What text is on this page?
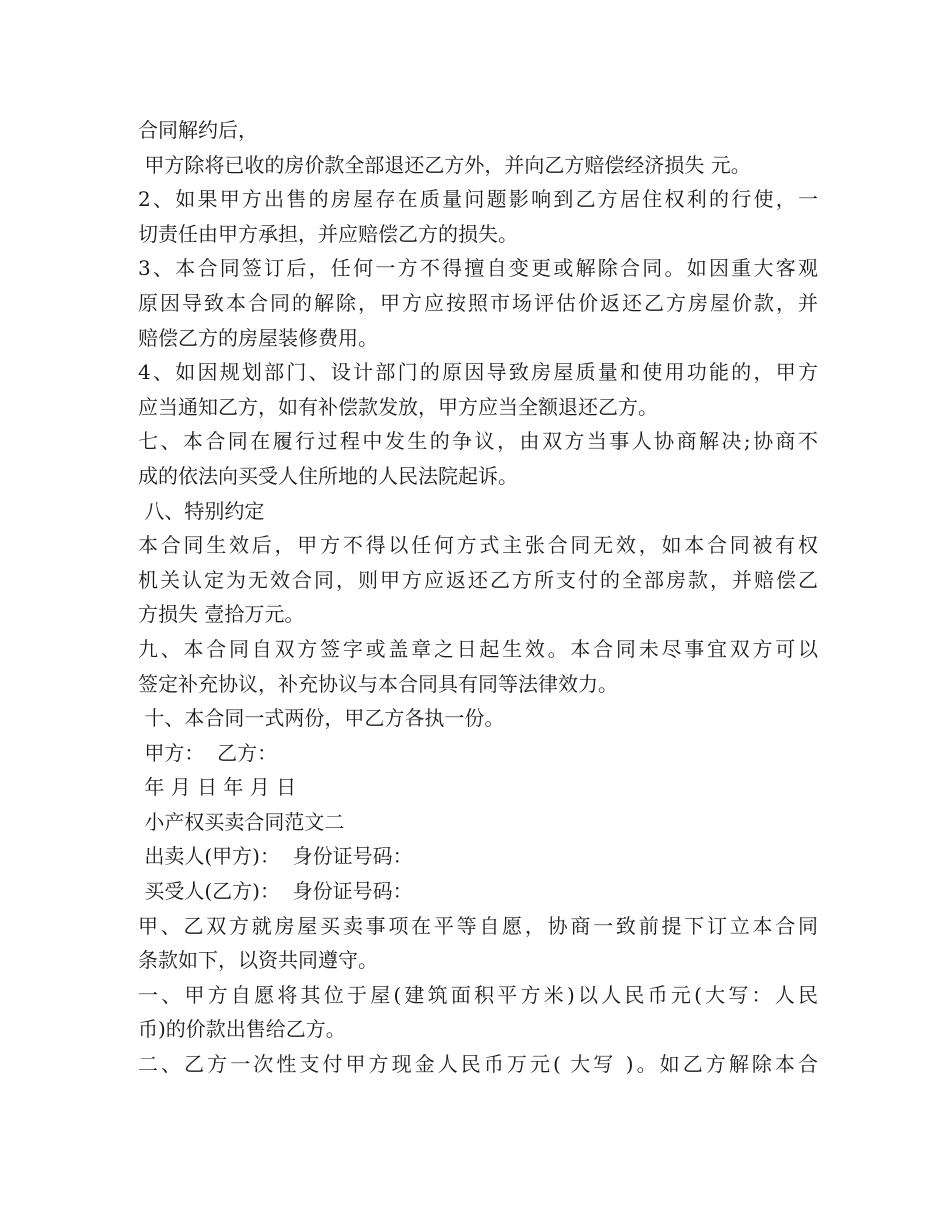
合同解约后，
甲方除将已收的房价款全部退还乙方外，并向乙方赔偿经济损失 元。
2、如果甲方出售的房屋存在质量问题影响到乙方居住权利的行使，一
切责任由甲方承担，并应赔偿乙方的损失。
3、本合同签订后，任何一方不得擅自变更或解除合同。如因重大客观
原因导致本合同的解除，甲方应按照市场评估价返还乙方房屋价款，并
赔偿乙方的房屋装修费用。
4、如因规划部门、设计部门的原因导致房屋质量和使用功能的，甲方
应当通知乙方，如有补偿款发放，甲方应当全额退还乙方。
七、本合同在履行过程中发生的争议，由双方当事人协商解决;协商不
成的依法向买受人住所地的人民法院起诉。
八、特别约定
本合同生效后，甲方不得以任何方式主张合同无效，如本合同被有权
机关认定为无效合同，则甲方应返还乙方所支付的全部房款，并赔偿乙
方损失 壹拾万元。
九、本合同自双方签字或盖章之日起生效。本合同未尽事宜双方可以
签定补充协议，补充协议与本合同具有同等法律效力。
十、本合同一式两份，甲乙方各执一份。
甲方：  乙方：
年 月 日 年 月 日
小产权买卖合同范文二
出卖人(甲方)：  身份证号码：
买受人(乙方)：  身份证号码：
甲、乙双方就房屋买卖事项在平等自愿，协商一致前提下订立本合同
条款如下，以资共同遵守。
一、甲方自愿将其位于屋(建筑面积平方米)以人民币元(大写：人民
币)的价款出售给乙方。
二、乙方一次性支付甲方现金人民币万元( 大写 )。如乙方解除本合
